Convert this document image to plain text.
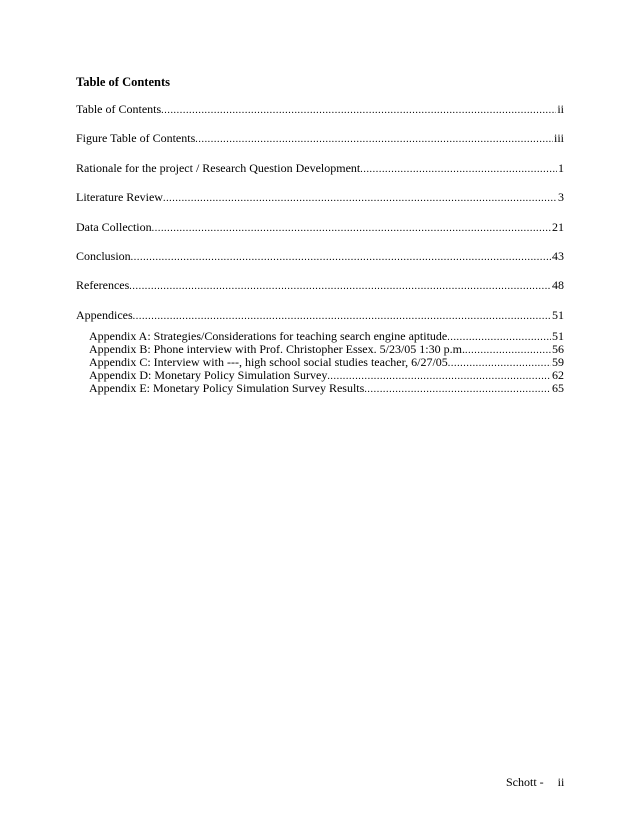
Table of Contents
Table of Contents .....	ii
Figure Table of Contents .....	iii
Rationale for the project / Research Question Development .....	1
Literature Review .....	3
Data Collection .....	21
Conclusion .....	43
References .....	48
Appendices .....	51
Appendix A: Strategies/Considerations for teaching search engine aptitude .....	51
Appendix B: Phone interview with Prof. Christopher Essex. 5/23/05 1:30 p.m. .....	56
Appendix C: Interview with ---, high school social studies teacher, 6/27/05 .....	59
Appendix D: Monetary Policy Simulation Survey .....	62
Appendix E: Monetary Policy Simulation Survey Results .....	65
Schott - ii
